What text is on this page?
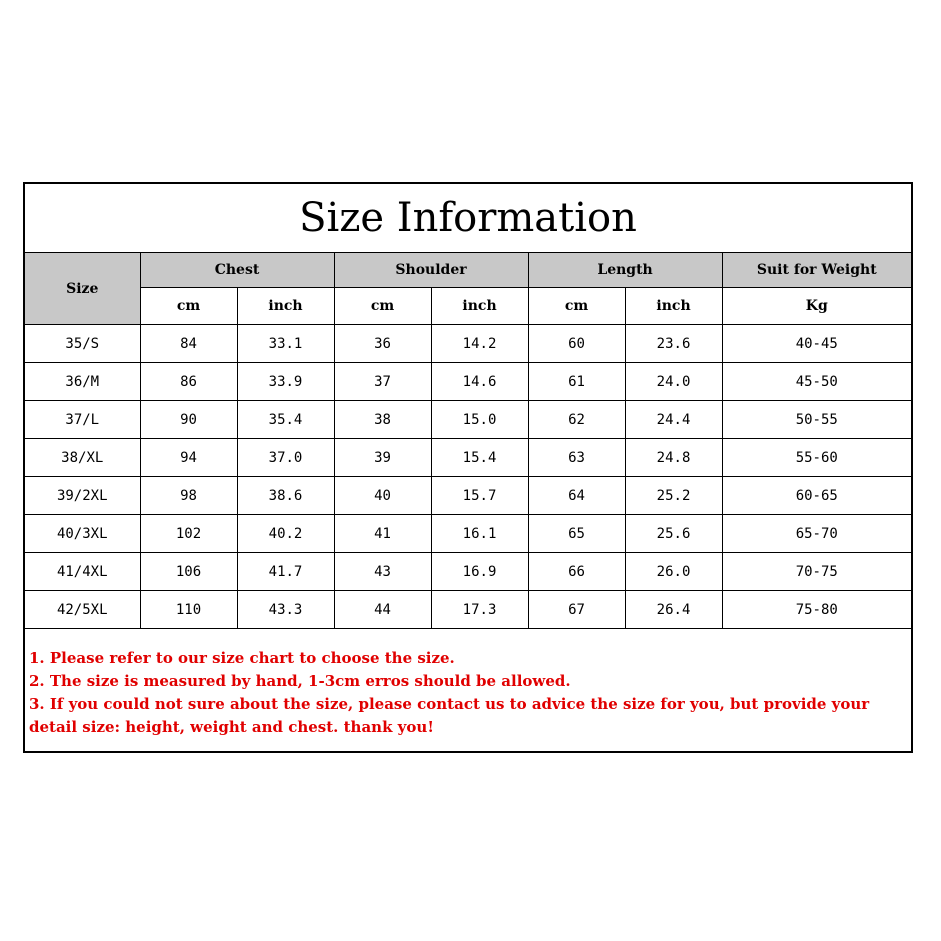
Size Information
Size	Chest		Shoulder		Length		Suit for Weight
	cm	inch	cm	inch	cm	inch	Kg
35/S	84	33.1	36	14.2	60	23.6	40-45
36/M	86	33.9	37	14.6	61	24.0	45-50
37/L	90	35.4	38	15.0	62	24.4	50-55
38/XL	94	37.0	39	15.4	63	24.8	55-60
39/2XL	98	38.6	40	15.7	64	25.2	60-65
40/3XL	102	40.2	41	16.1	65	25.6	65-70
41/4XL	106	41.7	43	16.9	66	26.0	70-75
42/5XL	110	43.3	44	17.3	67	26.4	75-80
1. Please refer to our size chart to choose the size.
2. The size is measured by hand, 1-3cm erros should be allowed.
3. If you could not sure about the size, please contact us to advice the size for you, but provide your detail size: height, weight and chest. thank you!
